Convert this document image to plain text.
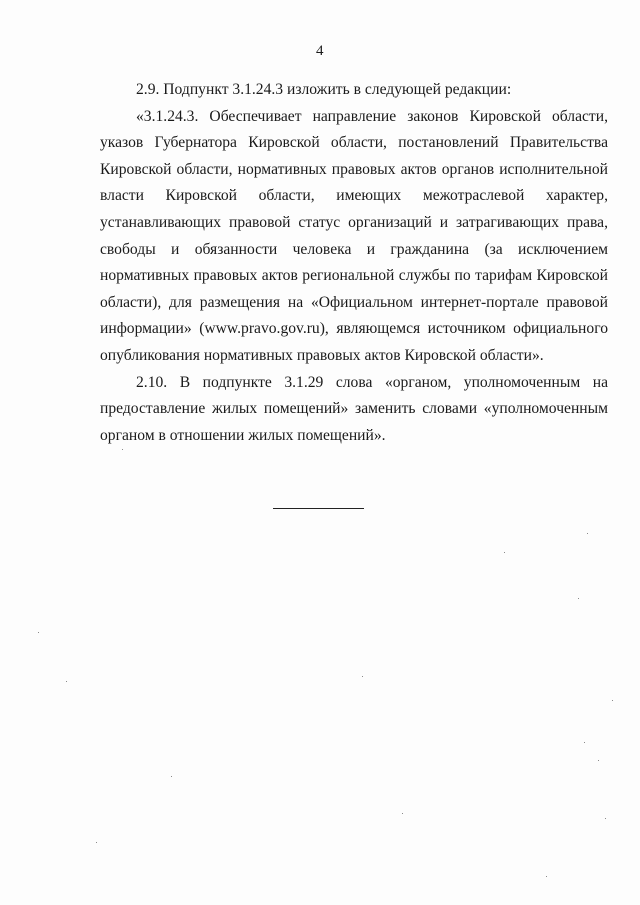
4

2.9. Подпункт 3.1.24.3 изложить в следующей редакции:

«3.1.24.3. Обеспечивает направление законов Кировской области, указов Губернатора Кировской области, постановлений Правительства Кировской области, нормативных правовых актов органов исполнительной власти Кировской области, имеющих межотраслевой характер, устанавливающих правовой статус организаций и затрагивающих права, свободы и обязанности человека и гражданина (за исключением нормативных правовых актов региональной службы по тарифам Кировской области), для размещения на «Официальном интернет-портале правовой информации» (www.pravo.gov.ru), являющемся источником официального опубликования нормативных правовых актов Кировской области».

2.10. В подпункте 3.1.29 слова «органом, уполномоченным на предоставление жилых помещений» заменить словами «уполномоченным органом в отношении жилых помещений».
